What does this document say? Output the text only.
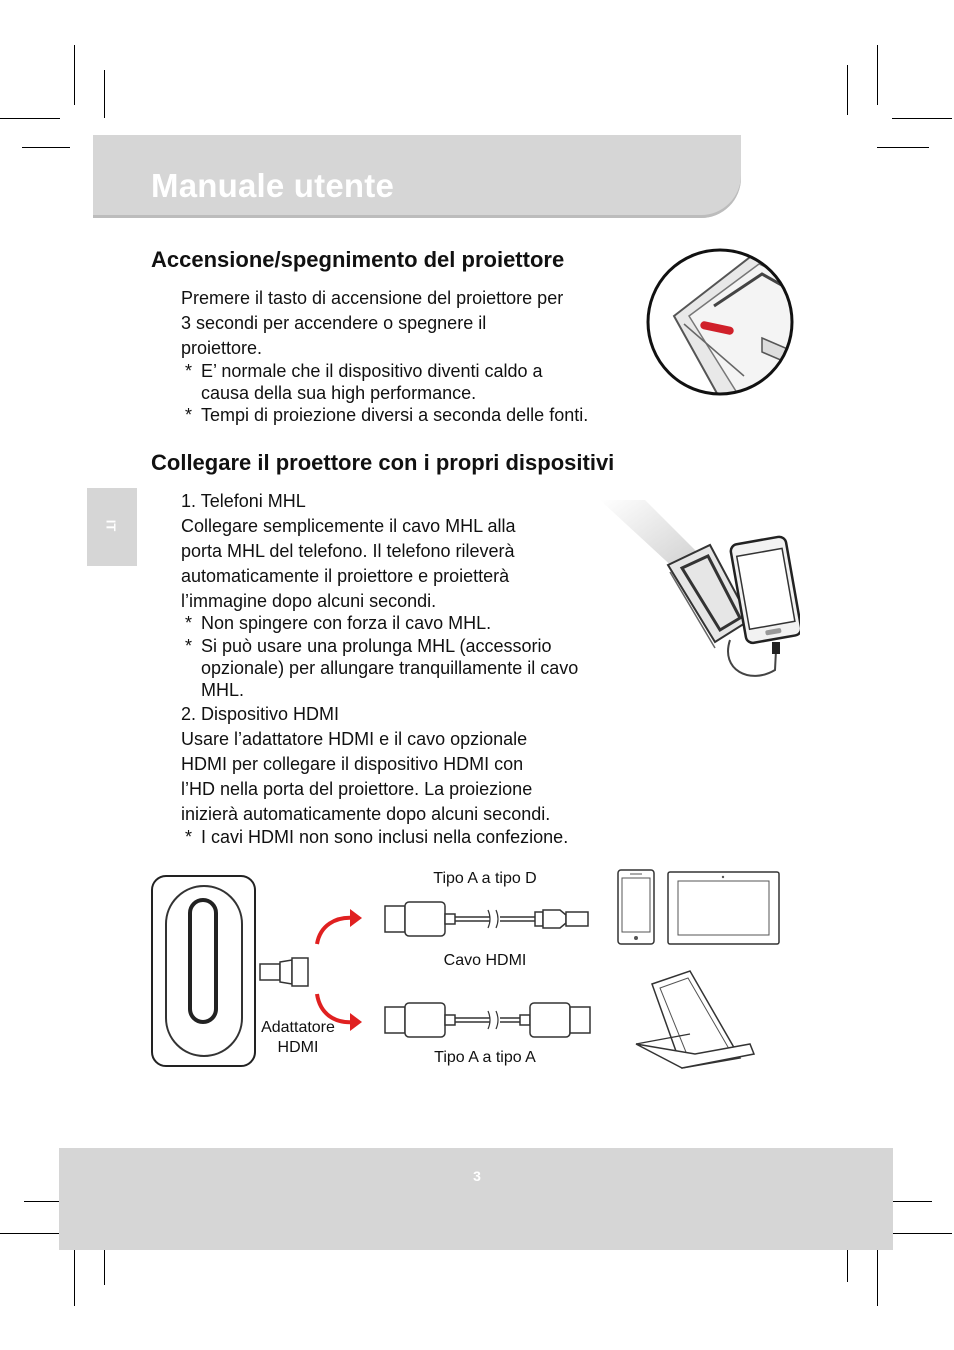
Manuale utente
IT
Accensione/spegnimento del proiettore
Premere il tasto di accensione del proiettore per
3 secondi per accendere o spegnere il
proiettore.
* E’ normale che il dispositivo diventi caldo a
causa della sua high performance.
* Tempi di proiezione diversi a seconda delle fonti.
Collegare il proettore con i propri dispositivi
1. Telefoni MHL
Collegare semplicemente il cavo MHL alla
porta MHL del telefono. Il telefono rileverà
automaticamente il proiettore e proietterà
l’immagine dopo alcuni secondi.
* Non spingere con forza il cavo MHL.
* Si può usare una prolunga MHL (accessorio
opzionale) per allungare tranquillamente il cavo
MHL.
2. Dispositivo HDMI
Usare l’adattatore HDMI e il cavo opzionale
HDMI per collegare il dispositivo HDMI con
l’HD nella porta del proiettore. La proiezione
inizierà automaticamente dopo alcuni secondi.
* I cavi HDMI non sono inclusi nella confezione.
Tipo A a tipo D
Cavo HDMI
Tipo A a tipo A
Adattatore
HDMI
3
